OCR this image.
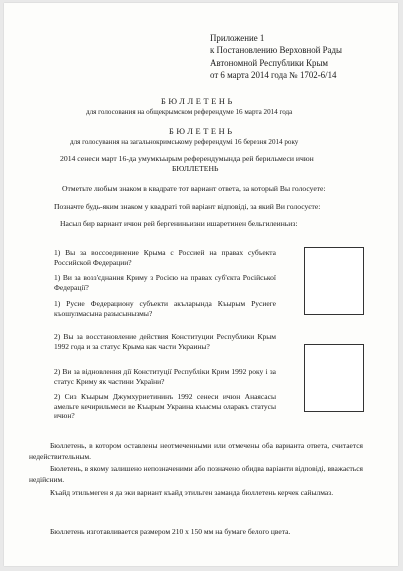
Приложение 1
к Постановлению Верховной Рады
Автономной Республики Крым
от 6 марта 2014 года № 1702-6/14
БЮЛЛЕТЕНЬ
для голосования на общекрымском референдуме 16 марта 2014 года
БЮЛЕТЕНЬ
для голосування на загальнокримському референдумі 16 березня 2014 року
2014 сенеси март 16-да умумкъырым референдумында рей берильмеси ичюн
БЮЛЛЕТЕНЬ
Отметьте любым знаком в квадрате тот вариант ответа, за который Вы голосуете:
Позначте будь-яким знаком у квадраті той варіант відповіді, за який Ви голосуєте:
Насыл бир вариант ичюн рей бергениньизни ишаретинен бельгилеиньиз:
1) Вы за воссоединение Крыма с Россией на правах субъекта Российской Федерации?
1) Ви за возз'єднання Криму з Росією на правах суб'єкта Російської Федерації?
1) Русие Федерациону субъекти акъларында Къырым Русиеге къошулмасына разысынызмы?
2) Вы за восстановление действия Конституции Республики Крым 1992 года и за статус Крыма как части Украины?
2) Ви за відновлення дії Конституції Республіки Крим 1992 року і за статус Криму як частини України?
2) Сиз Къырым Джумхуриетининъ 1992 сенеси ичюн Анаясасы амельге кечирильмеси ве Къырым Украина къысмы оларакъ статусы ичюн?
Бюллетень, в котором оставлены неотмеченными или отмечены оба варианта ответа, считается недействительным.
Бюлетень, в якому залишено непозначеними або позначено обидва варіанти відповіді, вважається недійсним.
Къайд этильмеген я да эки вариант къайд этильген заманда бюллетень керчек сайылмаз.
Бюллетень изготавливается размером 210 х 150 мм на бумаге белого цвета.
